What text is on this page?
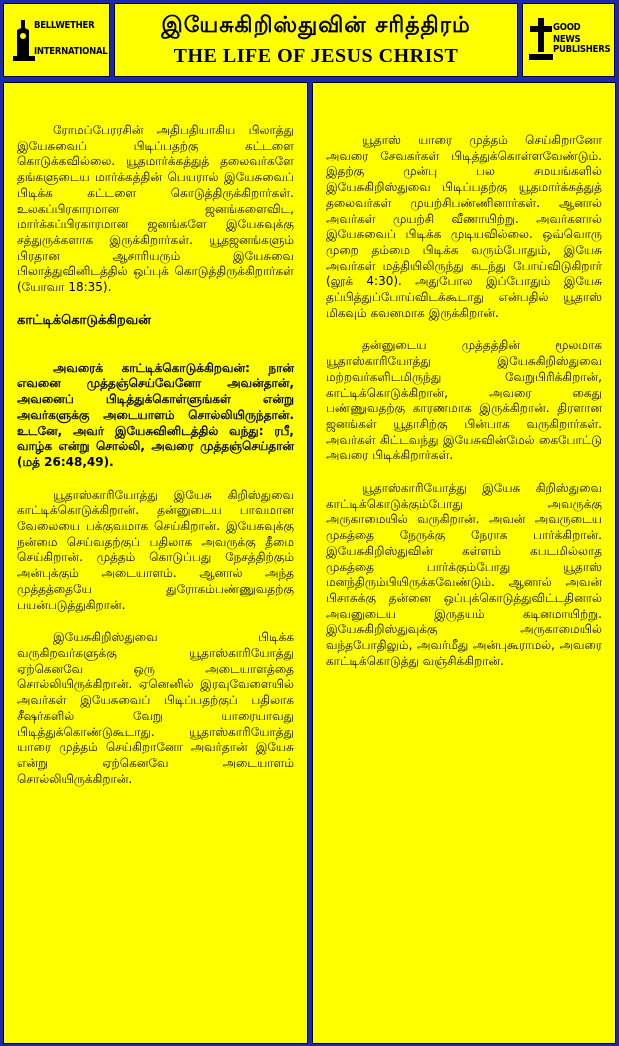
BELLWETHER
INTERNATIONAL
இயேசுகிறிஸ்துவின் சரித்திரம்
THE LIFE OF JESUS CHRIST
GOOD NEWS
PUBLISHERS

ரோமப்பேரரசின் அதிபதியாகிய பிலாத்து இயேசுவைப் பிடிப்பதற்கு கட்டளை கொடுக்கவில்லை. யூதமார்க்கத்துத் தலைவர்களே தங்களுடைய மார்க்கத்தின் பெயரால் இயேசுவைப் பிடிக்க கட்டளை கொடுத்திருக்கிறார்கள். உலகப்பிரகாரமான ஜனங்களைவிட, மார்க்கப்பிரகாரமான ஜனங்களே இயேசுவுக்கு சத்துருக்களாக இருக்கிறார்கள். யூதஜனங்களும் பிரதான ஆசாரியரும் இயேசுவை பிலாத்துவினிடத்தில் ஒப்புக் கொடுத்திருக்கிறார்கள் (யோவா 18:35).

காட்டிக்கொடுக்கிறவன்

அவரைக் காட்டிக்கொடுக்கிறவன்: நான் எவனை முத்தஞ்செய்வேனோ அவன்தான், அவனைப் பிடித்துக்கொள்ளுங்கள் என்று அவர்களுக்கு அடையாளம் சொல்லியிருந்தான். உடனே, அவர் இயேசுவினிடத்தில் வந்து: ரபீ, வாழ்க என்று சொல்லி, அவரை முத்தஞ்செய்தான் (மத் 26:48,49).

யூதாஸ்காரியோத்து இயேசு கிறிஸ்துவை காட்டிக்கொடுக்கிறான். தன்னுடைய பாவமான வேலையை பக்குவமாக செய்கிறான். இயேசுவுக்கு நன்மை செய்வதற்குப் பதிலாக அவருக்கு தீமை செய்கிறான். முத்தம் கொடுப்பது நேசத்திற்கும் அன்புக்கும் அடையாளம். ஆனால் அந்த முத்தத்தையே துரோகம்பண்ணுவதற்கு பயன்படுத்துகிறான்.

இயேசுகிறிஸ்துவை பிடிக்க வருகிறவர்களுக்கு யூதாஸ்காரியோத்து ஏற்கெனவே ஒரு அடையாளத்தை சொல்லியிருக்கிறான். ஏனெனில் இரவுவேளையில் அவர்கள் இயேசுவைப் பிடிப்பதற்குப் பதிலாக சீஷர்களில் வேறு யாரையாவது பிடித்துக்கொண்டுகூடாது. யூதாஸ்காரியோத்து யாரை முத்தம் செய்கிறானோ அவர்தான் இயேசு என்று ஏற்கெனவே அடையாளம் சொல்லியிருக்கிறான்.

யூதாஸ் யாரை முத்தம் செய்கிறானோ அவரை சேவகர்கள் பிடித்துக்கொள்ளவேண்டும். இதற்கு முன்பு பல சமயங்களில் இயேசுகிறிஸ்துவை பிடிப்பதற்கு யூதமார்க்கத்துத் தலைவர்கள் முயற்சிபண்ணினார்கள். ஆனால் அவர்கள் முயற்சி வீணாயிற்று. அவர்களால் இயேசுவைப் பிடிக்க முடியவில்லை. ஒவ்வொரு முறை தம்மை பிடிக்க வரும்போதும், இயேசு அவர்கள் மத்தியிலிருந்து கடந்து போய்விடுகிறார் (லூக் 4:30). அதுபோல இப்போதும் இயேசு தப்பித்துப்போய்விடக்கூடாது என்பதில் யூதாஸ் மிகவும் கவனமாக இருக்கிறான்.

தன்னுடைய முத்தத்தின் மூலமாக யூதாஸ்காரியோத்து இயேசுகிறிஸ்துவை மற்றவர்களிடமிருந்து வேறுபிரிக்கிறான், காட்டிக்கொடுக்கிறான், அவரை கைது பண்ணுவதற்கு காரணமாக இருக்கிறான். திரளான ஜனங்கள் யூதாசிற்கு பின்பாக வருகிறார்கள். அவர்கள் கிட்டவந்து இயேசுவின்மேல் கைபோட்டு அவரை பிடிக்கிறார்கள்.

யூதாஸ்காரியோத்து இயேசு கிறிஸ்துவை காட்டிக்கொடுக்கும்போது அவருக்கு அருகாமையில் வருகிறான். அவன் அவருடைய முகத்தை நேருக்கு நேராக பார்க்கிறான். இயேசுகிறிஸ்துவின் கள்ளம் கபடமில்லாத முகத்தை பார்க்கும்போது யூதாஸ் மனந்திரும்பியிருக்கவேண்டும். ஆனால் அவன் பிசாசுக்கு தன்னை ஒப்புக்கொடுத்துவிட்டதினால் அவனுடைய இருதயம் கடினமாயிற்று. இயேசுகிறிஸ்துவுக்கு அருகாமையில் வந்தபோதிலும், அவர்மீது அன்புகூராமல், அவரை காட்டிக்கொடுத்து வஞ்சிக்கிறான்.
